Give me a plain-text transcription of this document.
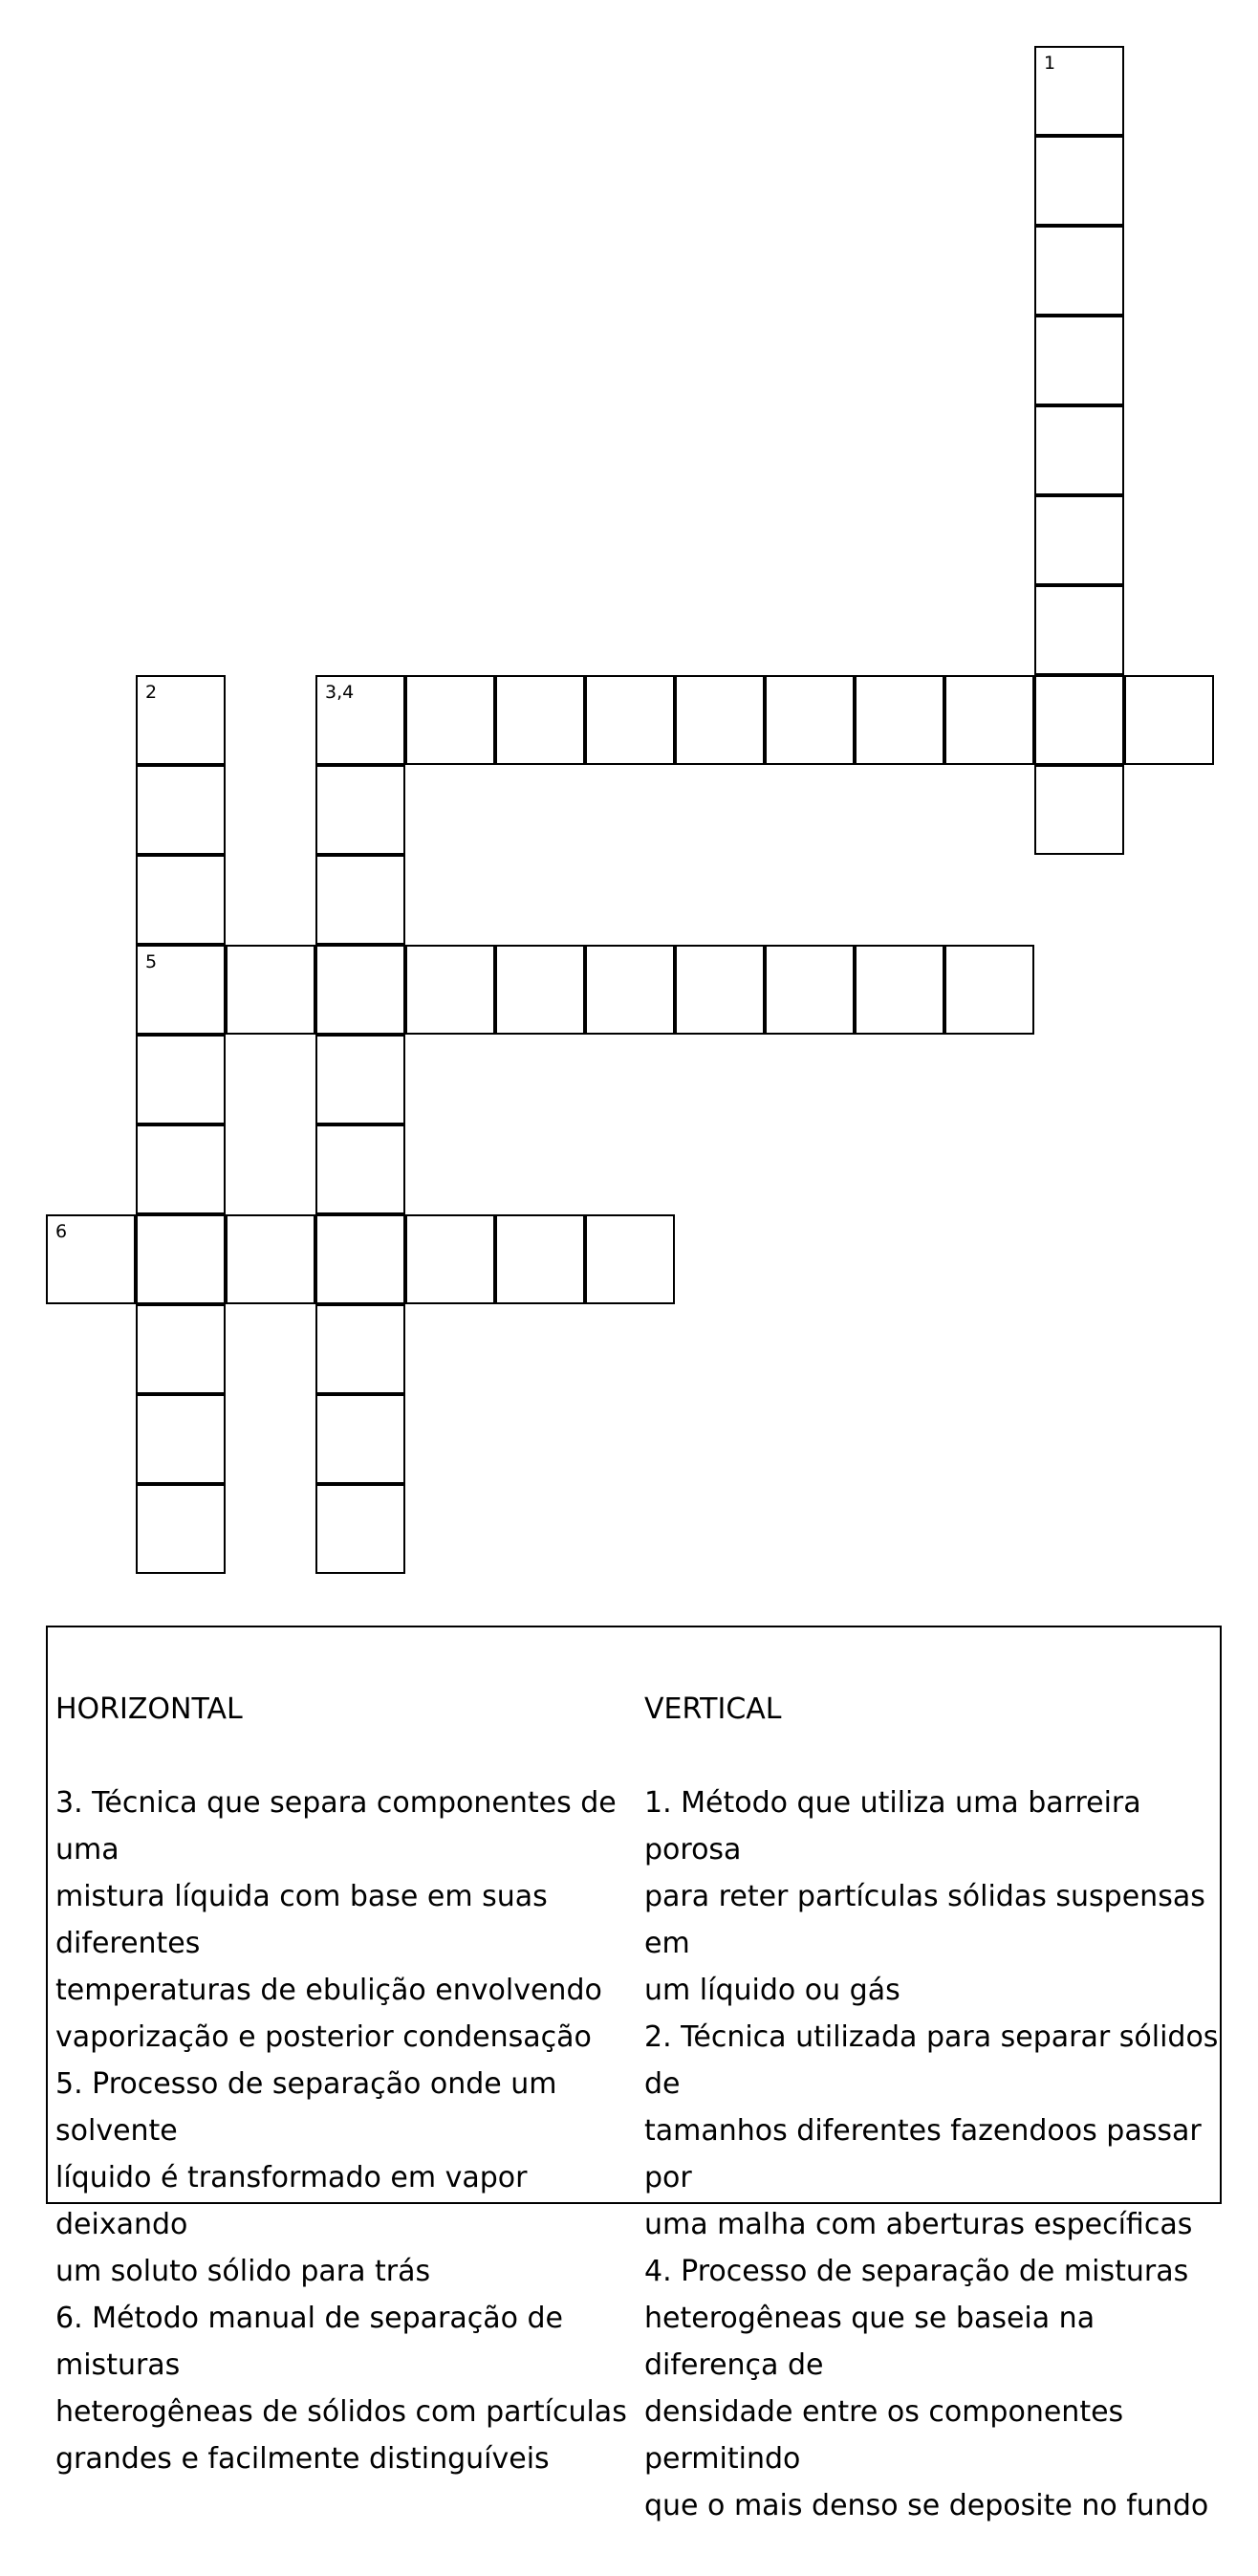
1
2	3,4
5
6

HORIZONTAL

3. Técnica que separa componentes de uma
mistura líquida com base em suas diferentes
temperaturas de ebulição envolvendo
vaporização e posterior condensação
5. Processo de separação onde um solvente
líquido é transformado em vapor deixando
um soluto sólido para trás
6. Método manual de separação de misturas
heterogêneas de sólidos com partículas
grandes e facilmente distinguíveis

VERTICAL

1. Método que utiliza uma barreira porosa
para reter partículas sólidas suspensas em
um líquido ou gás
2. Técnica utilizada para separar sólidos de
tamanhos diferentes fazendoos passar por
uma malha com aberturas específicas
4. Processo de separação de misturas
heterogêneas que se baseia na diferença de
densidade entre os componentes permitindo
que o mais denso se deposite no fundo
